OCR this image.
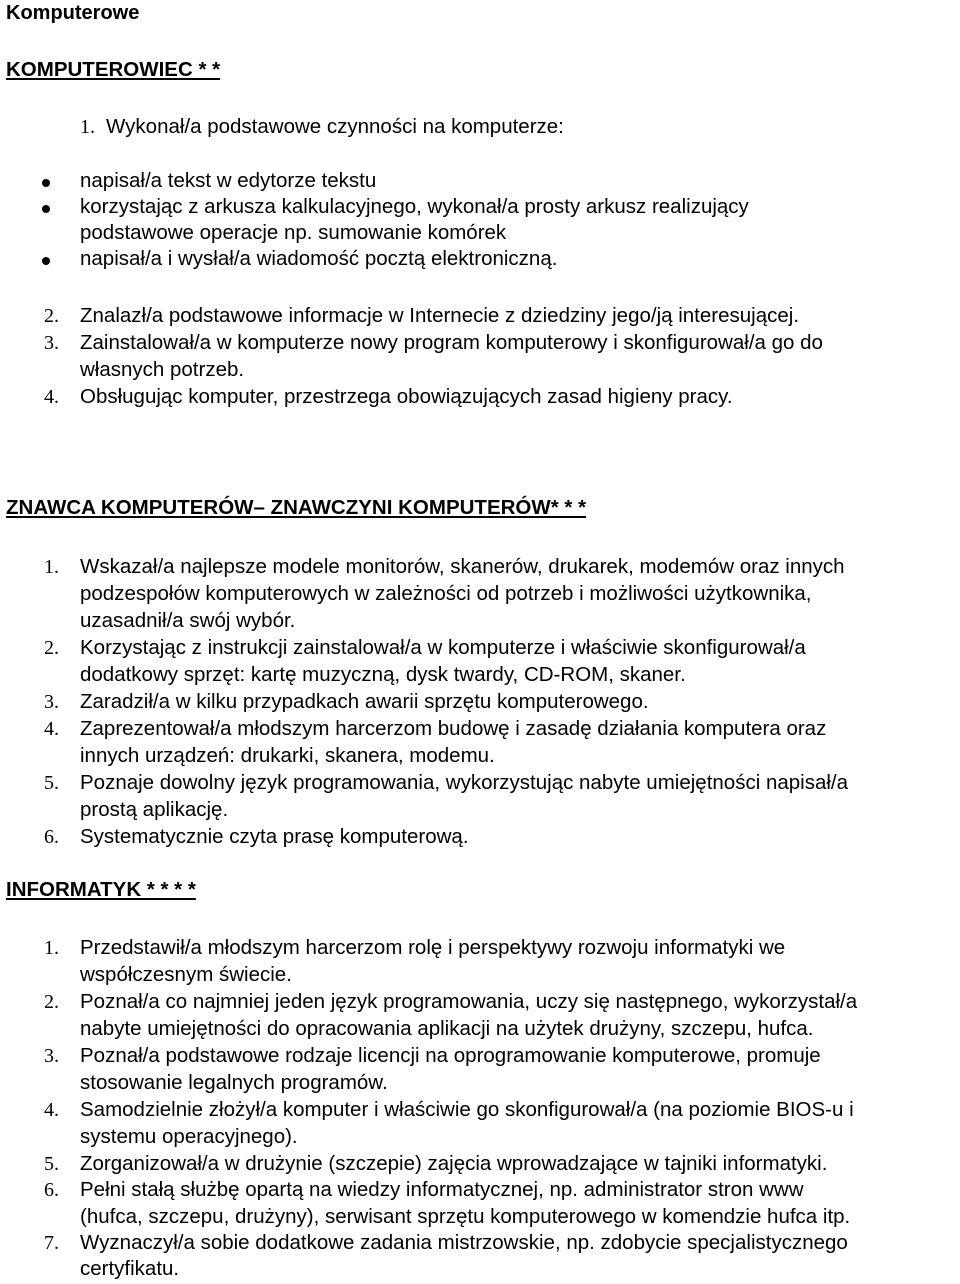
Komputerowe
KOMPUTEROWIEC * *
1. Wykonał/a podstawowe czynności na komputerze:
napisał/a tekst w edytorze tekstu
korzystając z arkusza kalkulacyjnego, wykonał/a prosty arkusz realizujący
podstawowe operacje np. sumowanie komórek
napisał/a i wysłał/a wiadomość pocztą elektroniczną.
2.	Znalazł/a podstawowe informacje w Internecie z dziedziny jego/ją interesującej.
3.	Zainstalował/a w komputerze nowy program komputerowy i skonfigurował/a go do
własnych potrzeb.
4.	Obsługując komputer, przestrzega obowiązujących zasad higieny pracy.
ZNAWCA KOMPUTERÓW– ZNAWCZYNI KOMPUTERÓW* * *
1.	Wskazał/a najlepsze modele monitorów, skanerów, drukarek, modemów oraz innych
podzespołów komputerowych w zależności od potrzeb i możliwości użytkownika,
uzasadnił/a swój wybór.
2.	Korzystając z instrukcji zainstalował/a w komputerze i właściwie skonfigurował/a
dodatkowy sprzęt: kartę muzyczną, dysk twardy, CD-ROM, skaner.
3.	Zaradził/a w kilku przypadkach awarii sprzętu komputerowego.
4.	Zaprezentował/a młodszym harcerzom budowę i zasadę działania komputera oraz
innych urządzeń: drukarki, skanera, modemu.
5.	Poznaje dowolny język programowania, wykorzystując nabyte umiejętności napisał/a
prostą aplikację.
6.	Systematycznie czyta prasę komputerową.
INFORMATYK * * * *
1.	Przedstawił/a młodszym harcerzom rolę i perspektywy rozwoju informatyki we
współczesnym świecie.
2.	Poznał/a co najmniej jeden język programowania, uczy się następnego, wykorzystał/a
nabyte umiejętności do opracowania aplikacji na użytek drużyny, szczepu, hufca.
3.	Poznał/a podstawowe rodzaje licencji na oprogramowanie komputerowe, promuje
stosowanie legalnych programów.
4.	Samodzielnie złożył/a komputer i właściwie go skonfigurował/a (na poziomie BIOS-u i
systemu operacyjnego).
5.	Zorganizował/a w drużynie (szczepie) zajęcia wprowadzające w tajniki informatyki.
6.	Pełni stałą służbę opartą na wiedzy informatycznej, np. administrator stron www
(hufca, szczepu, drużyny), serwisant sprzętu komputerowego w komendzie hufca itp.
7.	Wyznaczył/a sobie dodatkowe zadania mistrzowskie, np. zdobycie specjalistycznego
certyfikatu.
